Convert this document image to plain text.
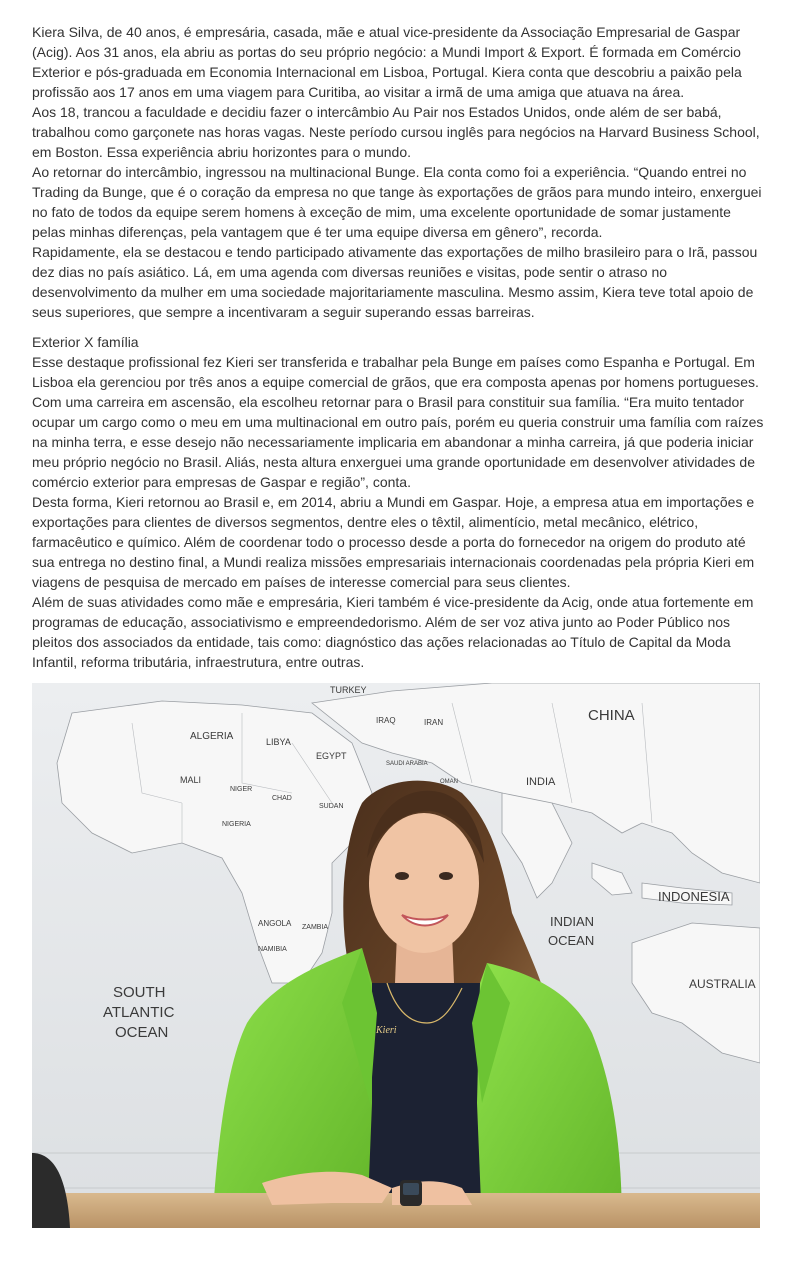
Kiera Silva, de 40 anos, é empresária, casada, mãe e atual vice-presidente da Associação Empresarial de Gaspar (Acig). Aos 31 anos, ela abriu as portas do seu próprio negócio: a Mundi Import & Export. É formada em Comércio Exterior e pós-graduada em Economia Internacional em Lisboa, Portugal. Kiera conta que descobriu a paixão pela profissão aos 17 anos em uma viagem para Curitiba, ao visitar a irmã de uma amiga que atuava na área.

Aos 18, trancou a faculdade e decidiu fazer o intercâmbio Au Pair nos Estados Unidos, onde além de ser babá, trabalhou como garçonete nas horas vagas. Neste período cursou inglês para negócios na Harvard Business School, em Boston. Essa experiência abriu horizontes para o mundo.

Ao retornar do intercâmbio, ingressou na multinacional Bunge. Ela conta como foi a experiência. “Quando entrei no Trading da Bunge, que é o coração da empresa no que tange às exportações de grãos para mundo inteiro, enxerguei no fato de todos da equipe serem homens à exceção de mim, uma excelente oportunidade de somar justamente pelas minhas diferenças, pela vantagem que é ter uma equipe diversa em gênero”, recorda.

Rapidamente, ela se destacou e tendo participado ativamente das exportações de milho brasileiro para o Irã, passou dez dias no país asiático. Lá, em uma agenda com diversas reuniões e visitas, pode sentir o atraso no desenvolvimento da mulher em uma sociedade majoritariamente masculina. Mesmo assim, Kiera teve total apoio de seus superiores, que sempre a incentivaram a seguir superando essas barreiras.

Exterior X família

Esse destaque profissional fez Kieri ser transferida e trabalhar pela Bunge em países como Espanha e Portugal. Em Lisboa ela gerenciou por três anos a equipe comercial de grãos, que era composta apenas por homens portugueses. Com uma carreira em ascensão, ela escolheu retornar para o Brasil para constituir sua família. “Era muito tentador ocupar um cargo como o meu em uma multinacional em outro país, porém eu queria construir uma família com raízes na minha terra, e esse desejo não necessariamente implicaria em abandonar a minha carreira, já que poderia iniciar meu próprio negócio no Brasil. Aliás, nesta altura enxerguei uma grande oportunidade em desenvolver atividades de comércio exterior para empresas de Gaspar e região”, conta.

Desta forma, Kieri retornou ao Brasil e, em 2014, abriu a Mundi em Gaspar. Hoje, a empresa atua em importações e exportações para clientes de diversos segmentos, dentre eles o têxtil, alimentício, metal mecânico, elétrico, farmacêutico e químico. Além de coordenar todo o processo desde a porta do fornecedor na origem do produto até sua entrega no destino final, a Mundi realiza missões empresariais internacionais coordenadas pela própria Kieri em viagens de pesquisa de mercado em países de interesse comercial para seus clientes.

Além de suas atividades como mãe e empresária, Kieri também é vice-presidente da Acig, onde atua fortemente em programas de educação, associativismo e empreendedorismo. Além de ser voz ativa junto ao Poder Público nos pleitos dos associados da entidade, tais como: diagnóstico das ações relacionadas ao Título de Capital da Moda Infantil, reforma tributária, infraestrutura, entre outras.

TURKEY
CHINA
ALGERIA	LIBYA
EGYPT
IRAQ	IRAN
SAUDI ARABIA
OMAN	INDIA
MALI
NIGER
CHAD
SUDAN
NIGERIA
ANGOLA ZAMBIA
NAMIBIA
INDONESIA
INDIAN
OCEAN
AUSTRALIA
SOUTH
ATLANTIC
OCEAN	Kieri
